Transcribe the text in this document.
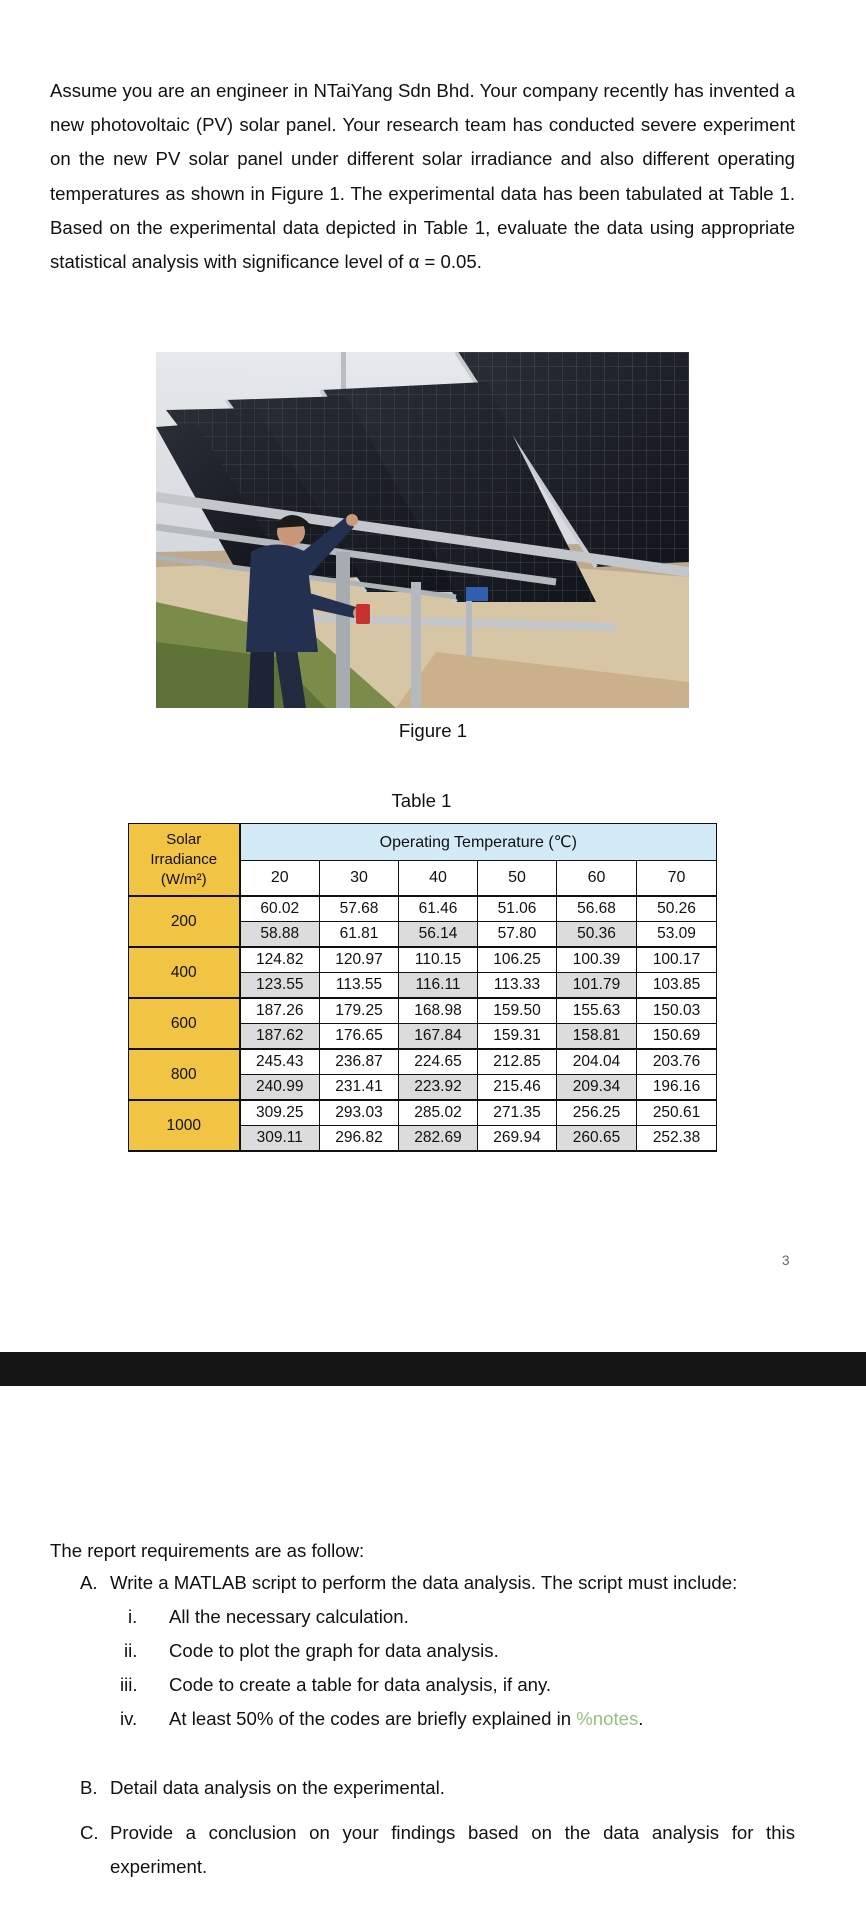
Assume you are an engineer in NTaiYang Sdn Bhd. Your company recently has invented a new photovoltaic (PV) solar panel. Your research team has conducted severe experiment on the new PV solar panel under different solar irradiance and also different operating temperatures as shown in Figure 1. The experimental data has been tabulated at Table 1. Based on the experimental data depicted in Table 1, evaluate the data using appropriate statistical analysis with significance level of α = 0.05.

Figure 1
Table 1
Solar
Irradiance
(W/m²)	Operating Temperature (℃)					
	20	30	40	50	60	70
200	60.02	57.68	61.46	51.06	56.68	50.26
	58.88	61.81	56.14	57.80	50.36	53.09
400	124.82	120.97	110.15	106.25	100.39	100.17
	123.55	113.55	116.11	113.33	101.79	103.85
600	187.26	179.25	168.98	159.50	155.63	150.03
	187.62	176.65	167.84	159.31	158.81	150.69
800	245.43	236.87	224.65	212.85	204.04	203.76
	240.99	231.41	223.92	215.46	209.34	196.16
1000	309.25	293.03	285.02	271.35	256.25	250.61
	309.11	296.82	282.69	269.94	260.65	252.38
3
The report requirements are as follow:
A. Write a MATLAB script to perform the data analysis. The script must include:
i. All the necessary calculation.
ii. Code to plot the graph for data analysis.
iii. Code to create a table for data analysis, if any.
iv. At least 50% of the codes are briefly explained in %notes.
B. Detail data analysis on the experimental.
C. Provide a conclusion on your findings based on the data analysis for this experiment.
